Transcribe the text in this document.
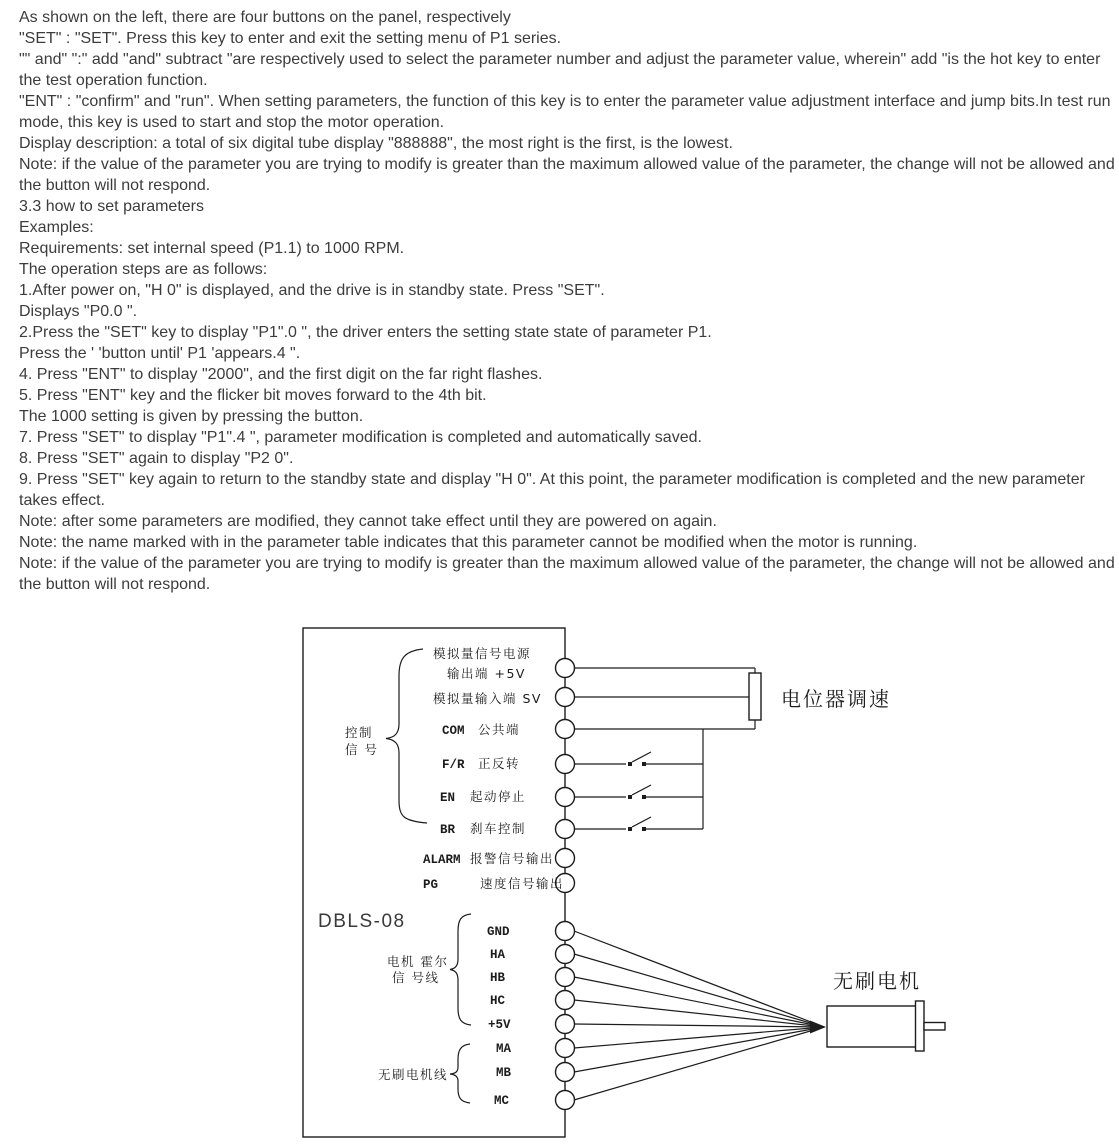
As shown on the left, there are four buttons on the panel, respectively
"SET" : "SET". Press this key to enter and exit the setting menu of P1 series.
"" and" ":" add "and" subtract "are respectively used to select the parameter number and adjust the parameter value, wherein" add "is the hot key to enter the test operation function.
"ENT" : "confirm" and "run". When setting parameters, the function of this key is to enter the parameter value adjustment interface and jump bits.In test run mode, this key is used to start and stop the motor operation.
Display description: a total of six digital tube display "888888", the most right is the first, is the lowest.
Note: if the value of the parameter you are trying to modify is greater than the maximum allowed value of the parameter, the change will not be allowed and the button will not respond.
3.3 how to set parameters
Examples:
Requirements: set internal speed (P1.1) to 1000 RPM.
The operation steps are as follows:
1.After power on, "H 0" is displayed, and the drive is in standby state. Press "SET".
Displays "P0.0 ".
2.Press the "SET" key to display "P1".0 ", the driver enters the setting state state of parameter P1.
Press the ' 'button until' P1 'appears.4 ".
4. Press "ENT" to display "2000", and the first digit on the far right flashes.
5. Press "ENT" key and the flicker bit moves forward to the 4th bit.
The 1000 setting is given by pressing the button.
7. Press "SET" to display "P1".4 ", parameter modification is completed and automatically saved.
8. Press "SET" again to display "P2 0".
9. Press "SET" key again to return to the standby state and display "H 0". At this point, the parameter modification is completed and the new parameter takes effect.
Note: after some parameters are modified, they cannot take effect until they are powered on again.
Note: the name marked with in the parameter table indicates that this parameter cannot be modified when the motor is running.
Note: if the value of the parameter you are trying to modify is greater than the maximum allowed value of the parameter, the change will not be allowed and the button will not respond.
模拟量信号电源
输出端 +5V
模拟量输入端 SV
COM 公共端
F/R 正反转
EN 起动停止
BR 刹车控制
ALARM 报警信号输出
PG	速度信号输出
GND
HA
HB
HC
+5V
MA
MB
MC
控制
信 号
电机 霍尔
信 号线
无刷电机线
DBLS-08
电位器调速
无刷电机
